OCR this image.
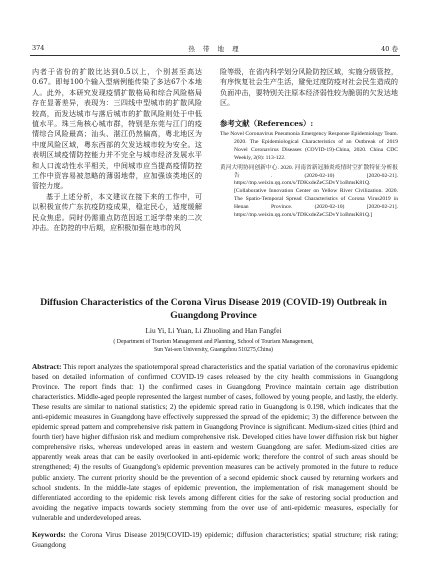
374	热 带 地 理	40 卷

内者于省份的扩散比达到0.5以上，个别甚至高达0.67。即每100个输入型病例能传染了多达67个本地人。此外，本研究发现疫情扩散格局和综合风险格局存在显著差异，表现为：三四线中型城市的扩散风险较高，而发达城市与落后城市的扩散风险则处于中低值水平。珠三角核心城市群，特别是东莞与江门的疫情综合风险最高；汕头、湛江仍然偏高，粤北地区为中度风险区域，粤东西部的欠发达城市较为安全。这表明区域疫情防控能力并不完全与城市经济发展水平和人口流动性水平相关，中间城市应当提高疫情防控工作中资容易被忽略的薄弱地带，应加强该类地区的管控力度。

基于上述分析，本文建议在接下来的工作中，可以积极宣传广东抗疫防疫成果，稳定民心，适度缓解民众焦虑。同时仍需重点防范因返工返学带来的二次冲击。在防控的中后期，应积极加强在地市的风

险等级，在省内科学划分风险防控区域，实施分级管控，有序恢复社会生产生活，避免过度防疫对社会民生造成的负面冲击，要特别关注原本经济弱性较为脆弱的欠发达地区。

参考文献（References）:

The Novel Coronavirus Pneumonia Emergency Response Epidemiology Team. 2020. The Epidemiological Characteristics of an Outbreak of 2019 Novel Coronavirus Diseases (COVID-19)-China, 2020. China CDC Weekly, 2(8): 113-122.

黄河大明协同创新中心. 2020. 河南省新冠肺炎疫情时空扩散特征分析报告. (2020-02-10) [2020-02-21]. https://mp.weixin.qq.com/s/TDKxdeZeC5DvY1oBmsK81Q. [Collaborative Innovation Center on Yellow River Civilization. 2020. The Spatio-Temporal Spread Characteristics of Corona Virus2019 in Henan Province. (2020-02-10) [2020-02-21]. https://mp.weixin.qq.com/s/TDKxdeZeC5DvY1oBmsK81Q.]

Diffusion Characteristics of the Corona Virus Disease 2019 (COVID-19) Outbreak in Guangdong Province
Liu Yi, Li Yuan, Li Zhuoling and Han Fangfei
( Department of Tourism Management and Planning, School of Tourism Management,
Sun Yat-sen University, Guangzhou 510275,China)
Abstract: This report analyzes the spatiotemporal spread characteristics and the spatial variation of the coronavirus epidemic based on detailed information of confirmed COVID-19 cases released by the city health commissions in Guangdong Province. The report finds that: 1) the confirmed cases in Guangdong Province maintain certain age distribution characteristics. Middle-aged people represented the largest number of cases, followed by young people, and lastly, the elderly. These results are similar to national statistics; 2) the epidemic spread ratio in Guangdong is 0.198, which indicates that the anti-epidemic measures in Guangdong have effectively suppressed the spread of the epidemic; 3) the difference between the epidemic spread pattern and comprehensive risk pattern in Guangdong Province is significant. Medium-sized cities (third and fourth tier) have higher diffusion risk and medium comprehensive risk. Developed cities have lower diffusion risk but higher comprehensive risks, whereas undeveloped areas in eastern and western Guangdong are safer. Medium-sized cities are apparently weak areas that can be easily overlooked in anti-epidemic work; therefore the control of such areas should be strengthened; 4) the results of Guangdong's epidemic prevention measures can be actively promoted in the future to reduce public anxiety. The current priority should be the prevention of a second epidemic shock caused by returning workers and school students. In the middle-late stages of epidemic prevention, the implementation of risk management should be differentiated according to the epidemic risk levels among different cities for the sake of restoring social production and avoiding the negative impacts towards society stemming from the over use of anti-epidemic measures, especially for vulnerable and underdeveloped areas.
Keywords: the Corona Virus Disease 2019(COVID-19) epidemic; diffusion characteristics; spatial structure; risk rating; Guangdong
